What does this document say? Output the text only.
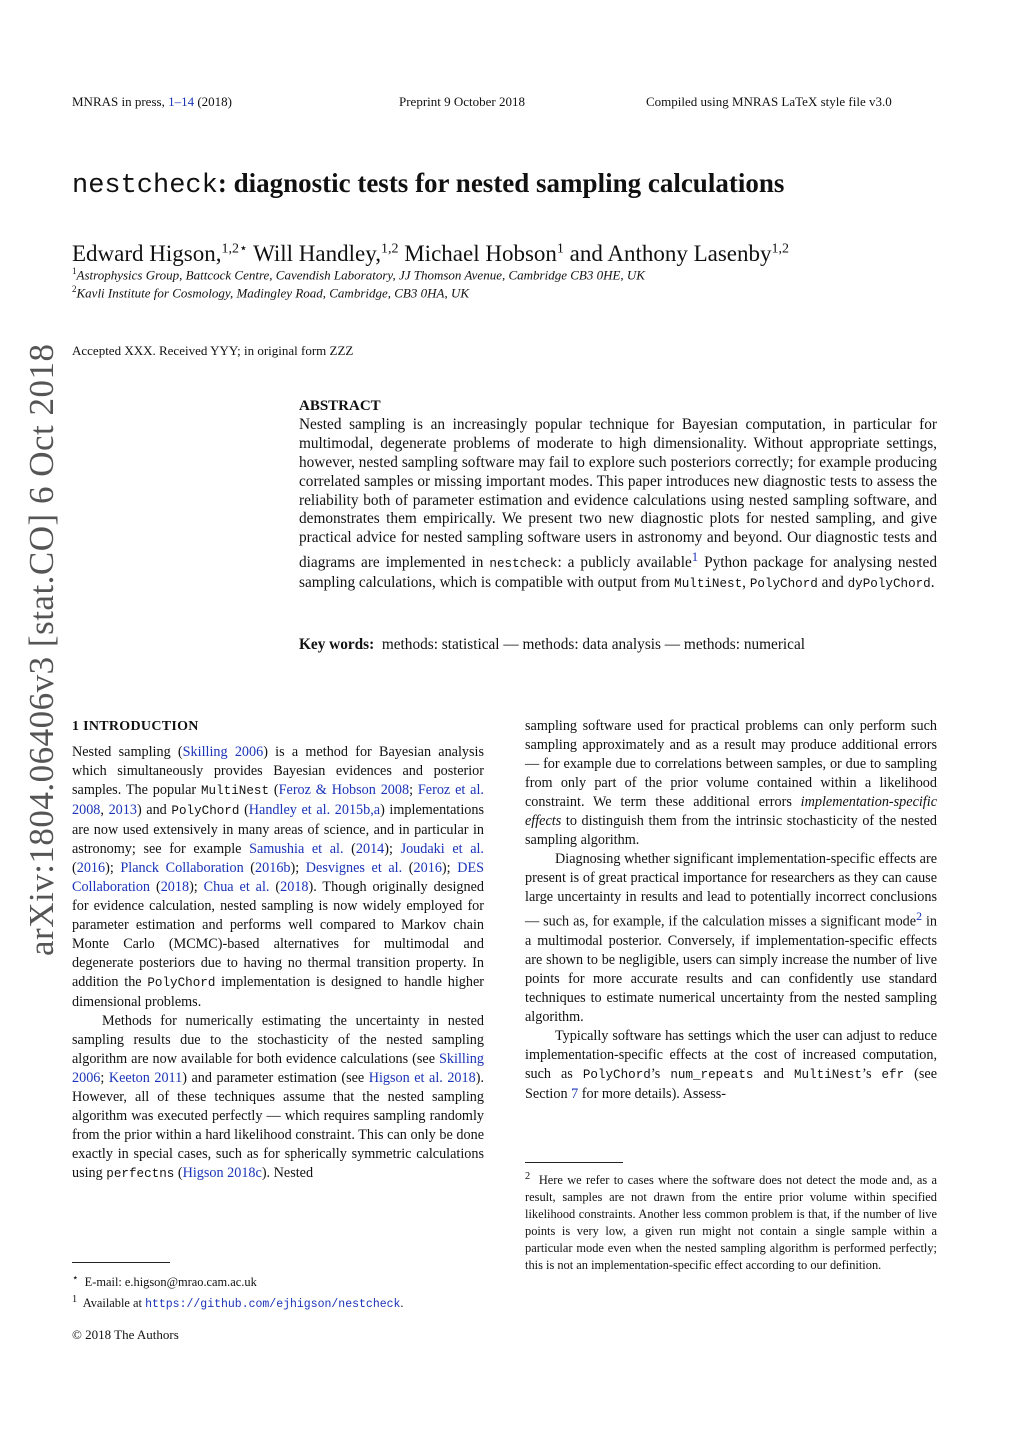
MNRAS in press, 1–14 (2018)	Preprint 9 October 2018	Compiled using MNRAS LaTeX style file v3.0
arXiv:1804.06406v3 [stat.CO] 6 Oct 2018
nestcheck: diagnostic tests for nested sampling calculations
Edward Higson,$^{1,2⋆}$ Will Handley,$^{1,2}$ Michael Hobson$^1$ and Anthony Lasenby$^{1,2}$
$^1$Astrophysics Group, Battcock Centre, Cavendish Laboratory, JJ Thomson Avenue, Cambridge CB3 0HE, UK
$^2$Kavli Institute for Cosmology, Madingley Road, Cambridge, CB3 0HA, UK
Accepted XXX. Received YYY; in original form ZZZ
ABSTRACT

Nested sampling is an increasingly popular technique for Bayesian computation, in particular for multimodal, degenerate problems of moderate to high dimensionality. Without appropriate settings, however, nested sampling software may fail to explore such posteriors correctly; for example producing correlated samples or missing important modes. This paper introduces new diagnostic tests to assess the reliability both of parameter estimation and evidence calculations using nested sampling software, and demonstrates them empirically. We present two new diagnostic plots for nested sampling, and give practical advice for nested sampling software users in astronomy and beyond. Our diagnostic tests and diagrams are implemented in nestcheck: a publicly available$^1$ Python package for analysing nested sampling calculations, which is compatible with output from MultiNest, PolyChord and dyPolyChord.

Key words: methods: statistical — methods: data analysis — methods: numerical
1 INTRODUCTION

Nested sampling (Skilling 2006) is a method for Bayesian analysis which simultaneously provides Bayesian evidences and posterior samples. The popular MultiNest (Feroz & Hobson 2008; Feroz et al. 2008, 2013) and PolyChord (Handley et al. 2015b,a) implementations are now used extensively in many areas of science, and in particular in astronomy; see for example Samushia et al. (2014); Joudaki et al. (2016); Planck Collaboration (2016b); Desvignes et al. (2016); DES Collaboration (2018); Chua et al. (2018). Though originally designed for evidence calculation, nested sampling is now widely employed for parameter estimation and performs well compared to Markov chain Monte Carlo (MCMC)-based alternatives for multimodal and degenerate posteriors due to having no thermal transition property. In addition the PolyChord implementation is designed to handle higher dimensional problems.

Methods for numerically estimating the uncertainty in nested sampling results due to the stochasticity of the nested sampling algorithm are now available for both evidence calculations (see Skilling 2006; Keeton 2011) and parameter estimation (see Higson et al. 2018). However, all of these techniques assume that the nested sampling algorithm was executed perfectly — which requires sampling randomly from the prior within a hard likelihood constraint. This can only be done exactly in special cases, such as for spherically symmetric calculations using perfectns (Higson 2018c). Nested

⋆ E-mail: e.higson@mrao.cam.ac.uk

$^1$ Available at https://github.com/ejhigson/nestcheck.

© 2018 The Authors

sampling software used for practical problems can only perform such sampling approximately and as a result may produce additional errors — for example due to correlations between samples, or due to sampling from only part of the prior volume contained within a likelihood constraint. We term these additional errors implementation-specific effects to distinguish them from the intrinsic stochasticity of the nested sampling algorithm.

Diagnosing whether significant implementation-specific effects are present is of great practical importance for researchers as they can cause large uncertainty in results and lead to potentially incorrect conclusions — such as, for example, if the calculation misses a significant mode$^2$ in a multimodal posterior. Conversely, if implementation-specific effects are shown to be negligible, users can simply increase the number of live points for more accurate results and can confidently use standard techniques to estimate numerical uncertainty from the nested sampling algorithm.

Typically software has settings which the user can adjust to reduce implementation-specific effects at the cost of increased computation, such as PolyChord’s num_repeats and MultiNest’s efr (see Section 7 for more details). Assess-

$^2$ Here we refer to cases where the software does not detect the mode and, as a result, samples are not drawn from the entire prior volume within specified likelihood constraints. Another less common problem is that, if the number of live points is very low, a given run might not contain a single sample within a particular mode even when the nested sampling algorithm is performed perfectly; this is not an implementation-specific effect according to our definition.
